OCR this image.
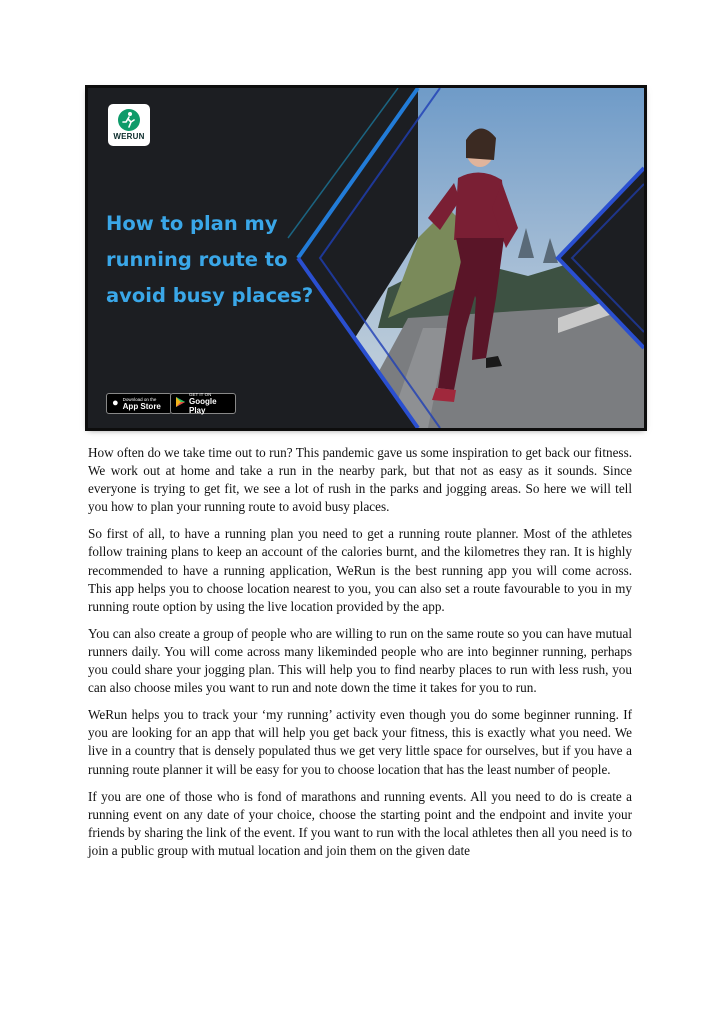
WERUN
How to plan my
running route to
avoid busy places?
● Download on the
App Store
GET IT ON
Google Play

How often do we take time out to run? This pandemic gave us some inspiration to get back our fitness. We work out at home and take a run in the nearby park, but that not as easy as it sounds. Since everyone is trying to get fit, we see a lot of rush in the parks and jogging areas. So here we will tell you how to plan your running route to avoid busy places.

So first of all, to have a running plan you need to get a running route planner. Most of the athletes follow training plans to keep an account of the calories burnt, and the kilometres they ran. It is highly recommended to have a running application, WeRun is the best running app you will come across. This app helps you to choose location nearest to you, you can also set a route favourable to you in my running route option by using the live location provided by the app.

You can also create a group of people who are willing to run on the same route so you can have mutual runners daily. You will come across many likeminded people who are into beginner running, perhaps you could share your jogging plan. This will help you to find nearby places to run with less rush, you can also choose miles you want to run and note down the time it takes for you to run.

WeRun helps you to track your ‘my running’ activity even though you do some beginner running. If you are looking for an app that will help you get back your fitness, this is exactly what you need. We live in a country that is densely populated thus we get very little space for ourselves, but if you have a running route planner it will be easy for you to choose location that has the least number of people.

If you are one of those who is fond of marathons and running events. All you need to do is create a running event on any date of your choice, choose the starting point and the endpoint and invite your friends by sharing the link of the event. If you want to run with the local athletes then all you need is to join a public group with mutual location and join them on the given date
